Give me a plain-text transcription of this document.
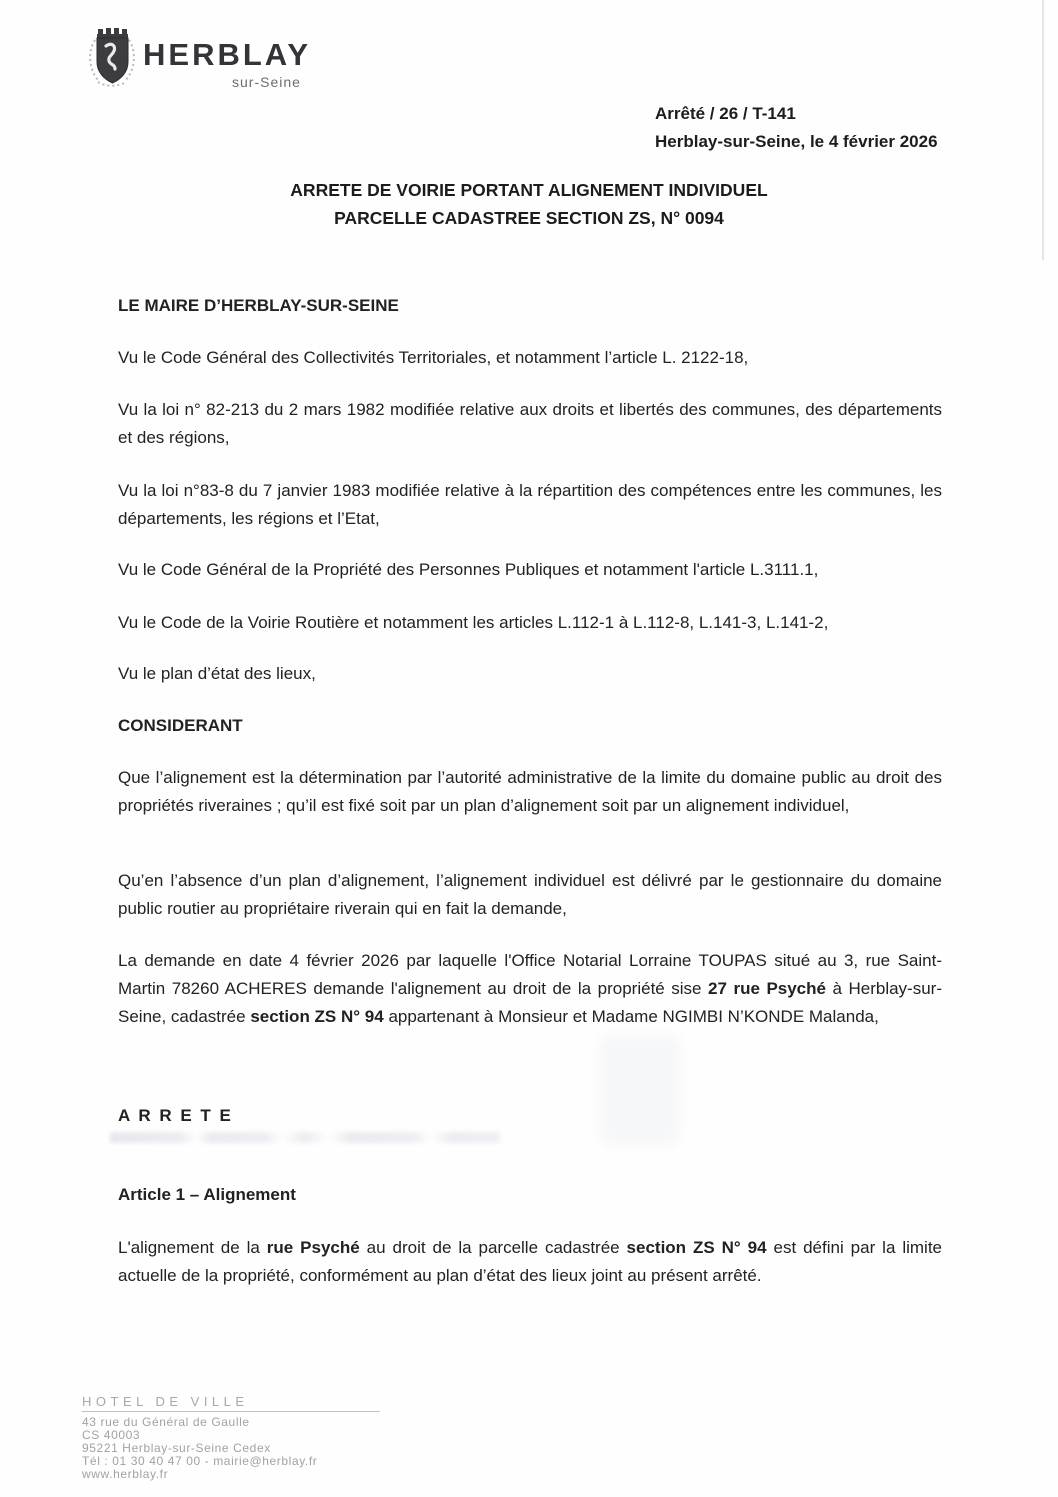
HERBLAY
sur-Seine
Arrêté / 26 / T-141
Herblay-sur-Seine, le 4 février 2026
ARRETE DE VOIRIE PORTANT ALIGNEMENT INDIVIDUEL
PARCELLE CADASTREE SECTION ZS, N° 0094
LE MAIRE D’HERBLAY-SUR-SEINE

Vu le Code Général des Collectivités Territoriales, et notamment l’article L. 2122-18,

Vu la loi n° 82-213 du 2 mars 1982 modifiée relative aux droits et libertés des communes, des départements et des régions,

Vu la loi n°83-8 du 7 janvier 1983 modifiée relative à la répartition des compétences entre les communes, les départements, les régions et l’Etat,

Vu le Code Général de la Propriété des Personnes Publiques et notamment l'article L.3111.1,

Vu le Code de la Voirie Routière et notamment les articles L.112-1 à L.112-8, L.141-3, L.141-2,

Vu le plan d’état des lieux,

CONSIDERANT

Que l’alignement est la détermination par l’autorité administrative de la limite du domaine public au droit des propriétés riveraines ; qu’il est fixé soit par un plan d’alignement soit par un alignement individuel,

Qu’en l’absence d’un plan d’alignement, l’alignement individuel est délivré par le gestionnaire du domaine public routier au propriétaire riverain qui en fait la demande,

La demande en date 4 février 2026 par laquelle l'Office Notarial Lorraine TOUPAS situé au 3, rue Saint-Martin 78260 ACHERES demande l'alignement au droit de la propriété sise 27 rue Psyché à Herblay-sur-Seine, cadastrée section ZS N° 94 appartenant à Monsieur et Madame NGIMBI N’KONDE Malanda,

A R R E T E
Article 1 – Alignement

L'alignement de la rue Psyché au droit de la parcelle cadastrée section ZS N° 94 est défini par la limite actuelle de la propriété, conformément au plan d’état des lieux joint au présent arrêté.

HOTEL DE VILLE
43 rue du Général de Gaulle
CS 40003
95221 Herblay-sur-Seine Cedex
Tél : 01 30 40 47 00 - mairie@herblay.fr
www.herblay.fr
